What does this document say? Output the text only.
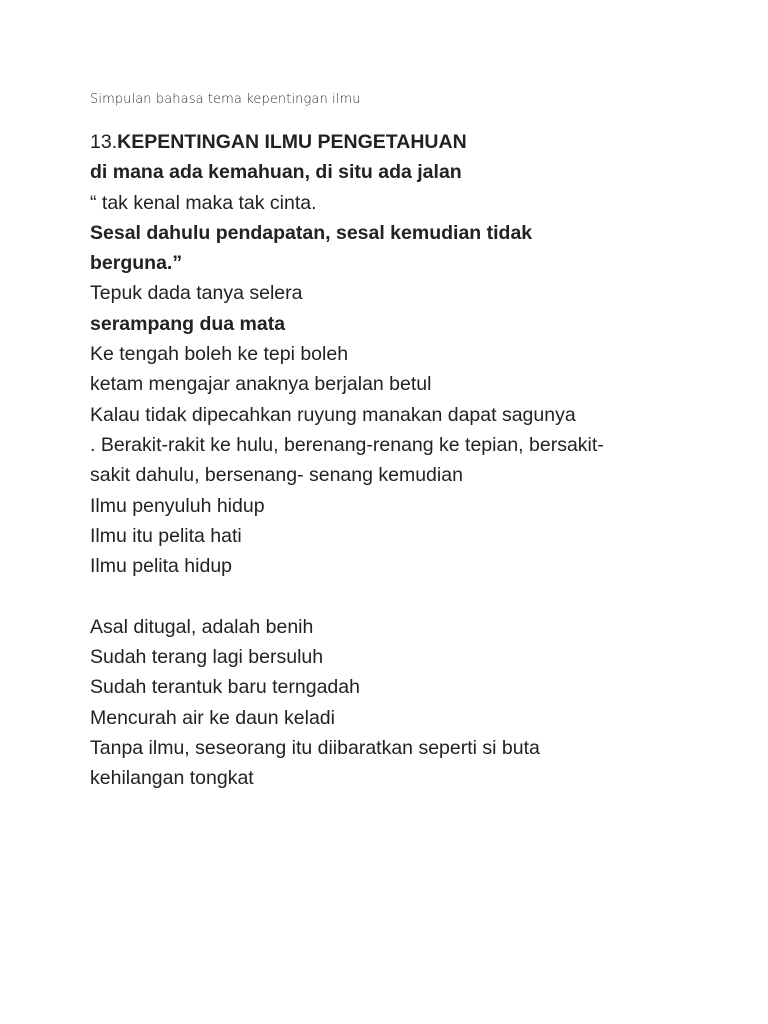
Simpulan bahasa tema kepentingan ilmu
13.KEPENTINGAN ILMU PENGETAHUAN
di mana ada kemahuan, di situ ada jalan
“ tak kenal maka tak cinta.
Sesal dahulu pendapatan, sesal kemudian tidak
berguna.”
Tepuk dada tanya selera
serampang dua mata
Ke tengah boleh ke tepi boleh
ketam mengajar anaknya berjalan betul
Kalau tidak dipecahkan ruyung manakan dapat sagunya
. Berakit-rakit ke hulu, berenang-renang ke tepian, bersakit-
sakit dahulu, bersenang- senang kemudian
Ilmu penyuluh hidup
Ilmu itu pelita hati
Ilmu pelita hidup
Asal ditugal, adalah benih
Sudah terang lagi bersuluh
Sudah terantuk baru terngadah
Mencurah air ke daun keladi
Tanpa ilmu, seseorang itu diibaratkan seperti si buta
kehilangan tongkat
